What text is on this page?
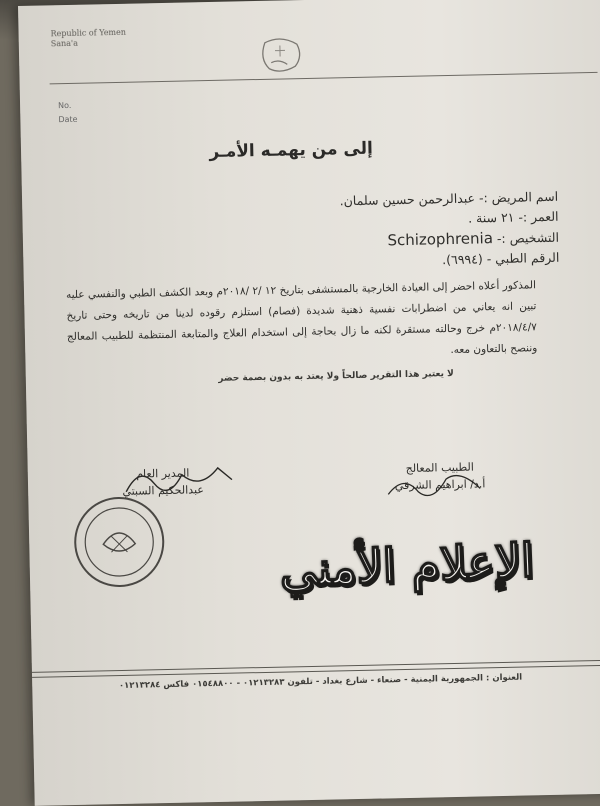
Republic of Yemen
Sana'a
No.
Date
إلى من يهمـه الأمـر
اسم المريض :- عبدالرحمن حسين سلمان.
العمر :- ٢١ سنة .
التشخيص :- Schizophrenia
الرقم الطبي - (٦٩٩٤).
المذكور أعلاه احضر إلى العيادة الخارجية بالمستشفى بتاريخ ١٢ /٢ /٢٠١٨م وبعد الكشف الطبي والنفسي عليه تبين انه يعاني من اضطرابات نفسية ذهنية شديدة (فصام) استلزم رقوده لدينا من تاريخه وحتى تاريخ ٢٠١٨/٤/٧م خرج وحالته مستقرة لكنه ما زال بحاجة إلى استخدام العلاج والمتابعة المنتظمة للطبيب المعالج وننصح بالتعاون معه.
لا يعتبر هذا التقرير صالحاً ولا يعتد به بدون بصمة حضر
المدير العام
عبدالحكيم السبتي
الطبيب المعالج
أ.د/ ابراهيم الشرقي
الإعلام الأمني
العنوان : الجمهورية اليمنية - صنعاء - شارع بغداد - تلفون ٠١٢١٣٢٨٣ - ٠١٥٤٨٨٠٠ فاكس ٠١٢١٣٢٨٤
